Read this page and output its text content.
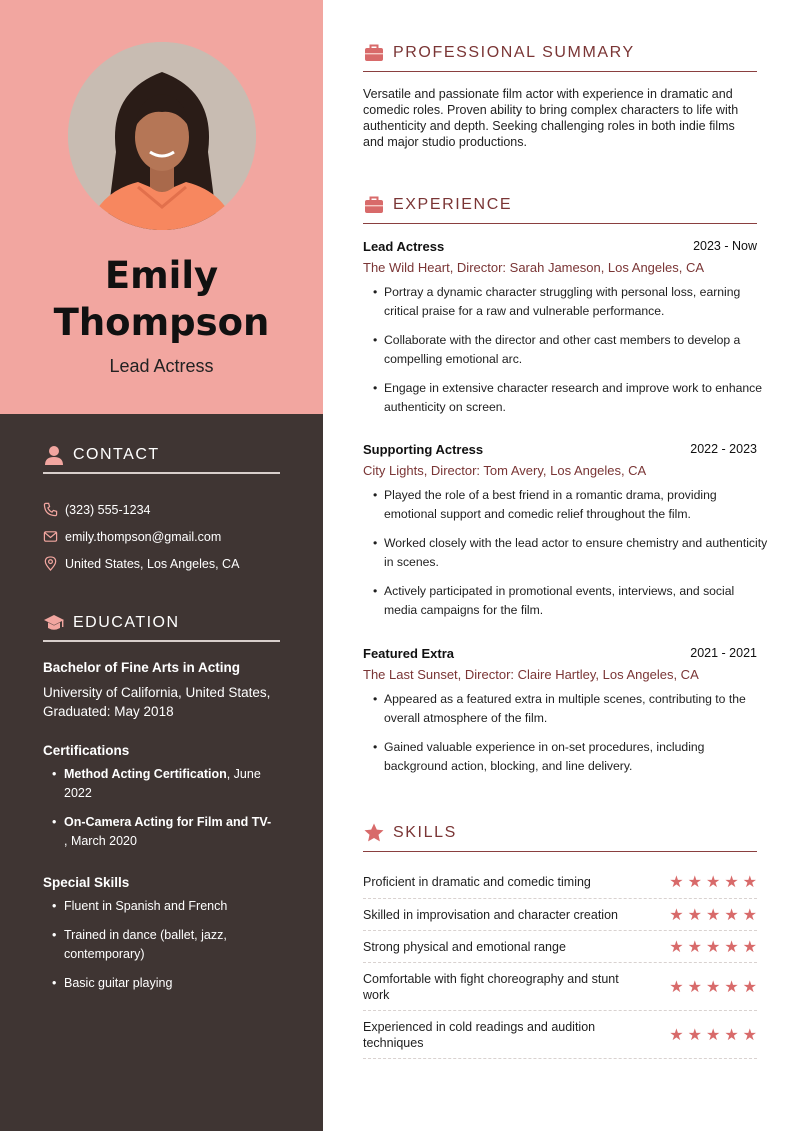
Emily
Thompson
Lead Actress
CONTACT
(323) 555-1234
emily.thompson@gmail.com
United States, Los Angeles, CA
EDUCATION
Bachelor of Fine Arts in Acting
University of California, United States,
Graduated: May 2018
Certifications
• Method Acting Certification, June
2022
• On-Camera Acting for Film and TV-
, March 2020
Special Skills
• Fluent in Spanish and French
• Trained in dance (ballet, jazz, contemporary)
• Basic guitar playing
PROFESSIONAL SUMMARY
Versatile and passionate film actor with experience in dramatic and comedic roles. Proven ability to bring complex characters to life with authenticity and depth. Seeking challenging roles in both indie films and major studio productions.
EXPERIENCE
Lead Actress	2023 - Now
The Wild Heart, Director: Sarah Jameson, Los Angeles, CA
• Portray a dynamic character struggling with personal loss, earning critical praise for a raw and vulnerable performance.
• Collaborate with the director and other cast members to develop a compelling emotional arc.
• Engage in extensive character research and improve work to enhance authenticity on screen.
Supporting Actress	2022 - 2023
City Lights, Director: Tom Avery, Los Angeles, CA
• Played the role of a best friend in a romantic drama, providing emotional support and comedic relief throughout the film.
• Worked closely with the lead actor to ensure chemistry and authenticity in scenes.
• Actively participated in promotional events, interviews, and social media campaigns for the film.
Featured Extra	2021 - 2021
The Last Sunset, Director: Claire Hartley, Los Angeles, CA
• Appeared as a featured extra in multiple scenes, contributing to the overall atmosphere of the film.
• Gained valuable experience in on-set procedures, including background action, blocking, and line delivery.
SKILLS
Proficient in dramatic and comedic timing	★ ★ ★ ★ ★
Skilled in improvisation and character creation	★ ★ ★ ★ ★
Strong physical and emotional range	★ ★ ★ ★ ★
Comfortable with fight choreography and stunt work	★ ★ ★ ★ ★
Experienced in cold readings and audition techniques	★ ★ ★ ★ ★
